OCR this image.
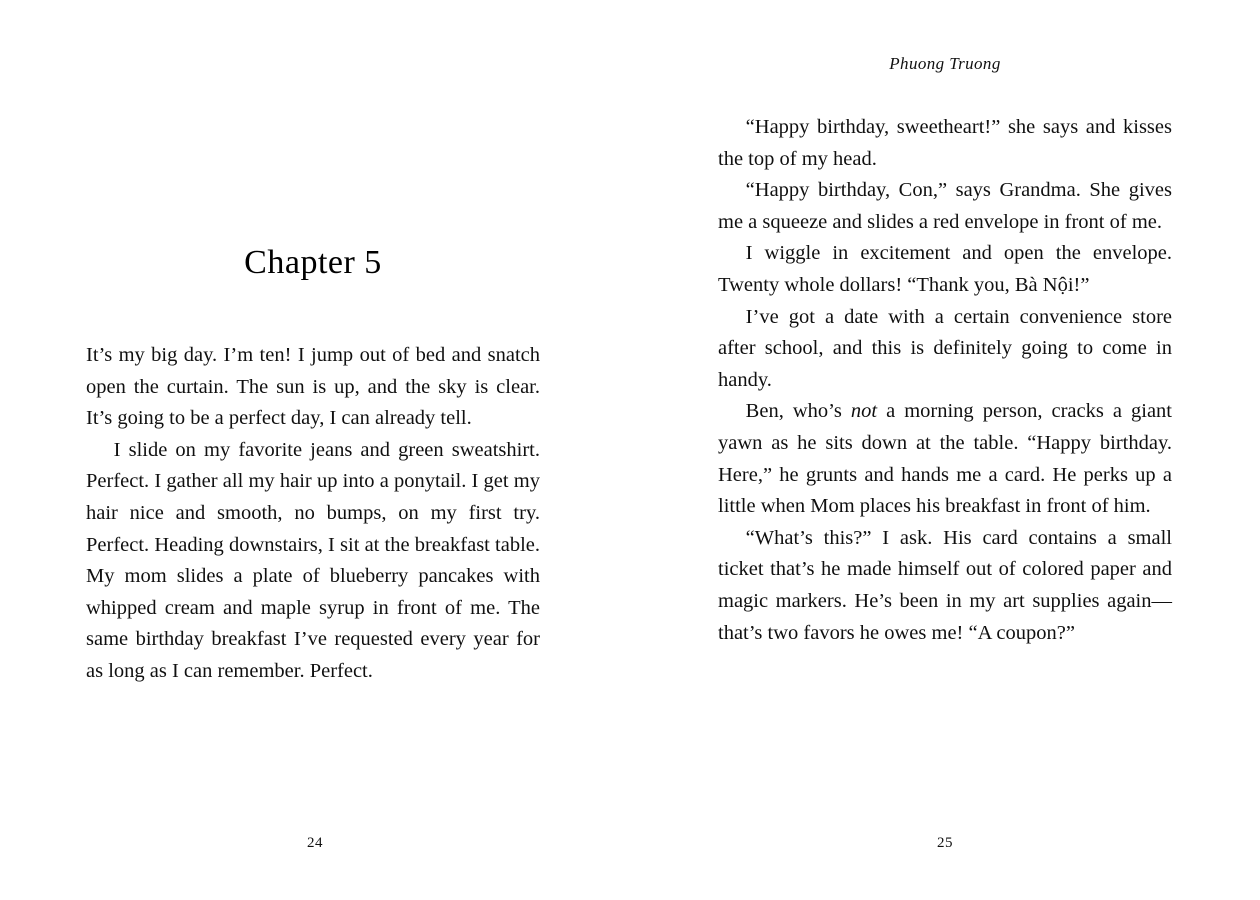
Chapter 5

It’s my big day. I’m ten! I jump out of bed and snatch open the curtain. The sun is up, and the sky is clear. It’s going to be a perfect day, I can already tell.

I slide on my favorite jeans and green sweatshirt. Perfect. I gather all my hair up into a ponytail. I get my hair nice and smooth, no bumps, on my first try. Perfect. Heading downstairs, I sit at the breakfast table. My mom slides a plate of blueberry pancakes with whipped cream and maple syrup in front of me. The same birthday breakfast I’ve requested every year for as long as I can remember. Perfect.

24
Phuong Truong

“Happy birthday, sweetheart!” she says and kisses the top of my head.

“Happy birthday, Con,” says Grandma. She gives me a squeeze and slides a red envelope in front of me.

I wiggle in excitement and open the envelope. Twenty whole dollars! “Thank you, Bà Nội!”

I’ve got a date with a certain convenience store after school, and this is definitely going to come in handy.

Ben, who’s not a morning person, cracks a giant yawn as he sits down at the table. “Happy birthday. Here,” he grunts and hands me a card. He perks up a little when Mom places his breakfast in front of him.

“What’s this?” I ask. His card contains a small ticket that’s he made himself out of colored paper and magic markers. He’s been in my art supplies again—that’s two favors he owes me! “A coupon?”

25
